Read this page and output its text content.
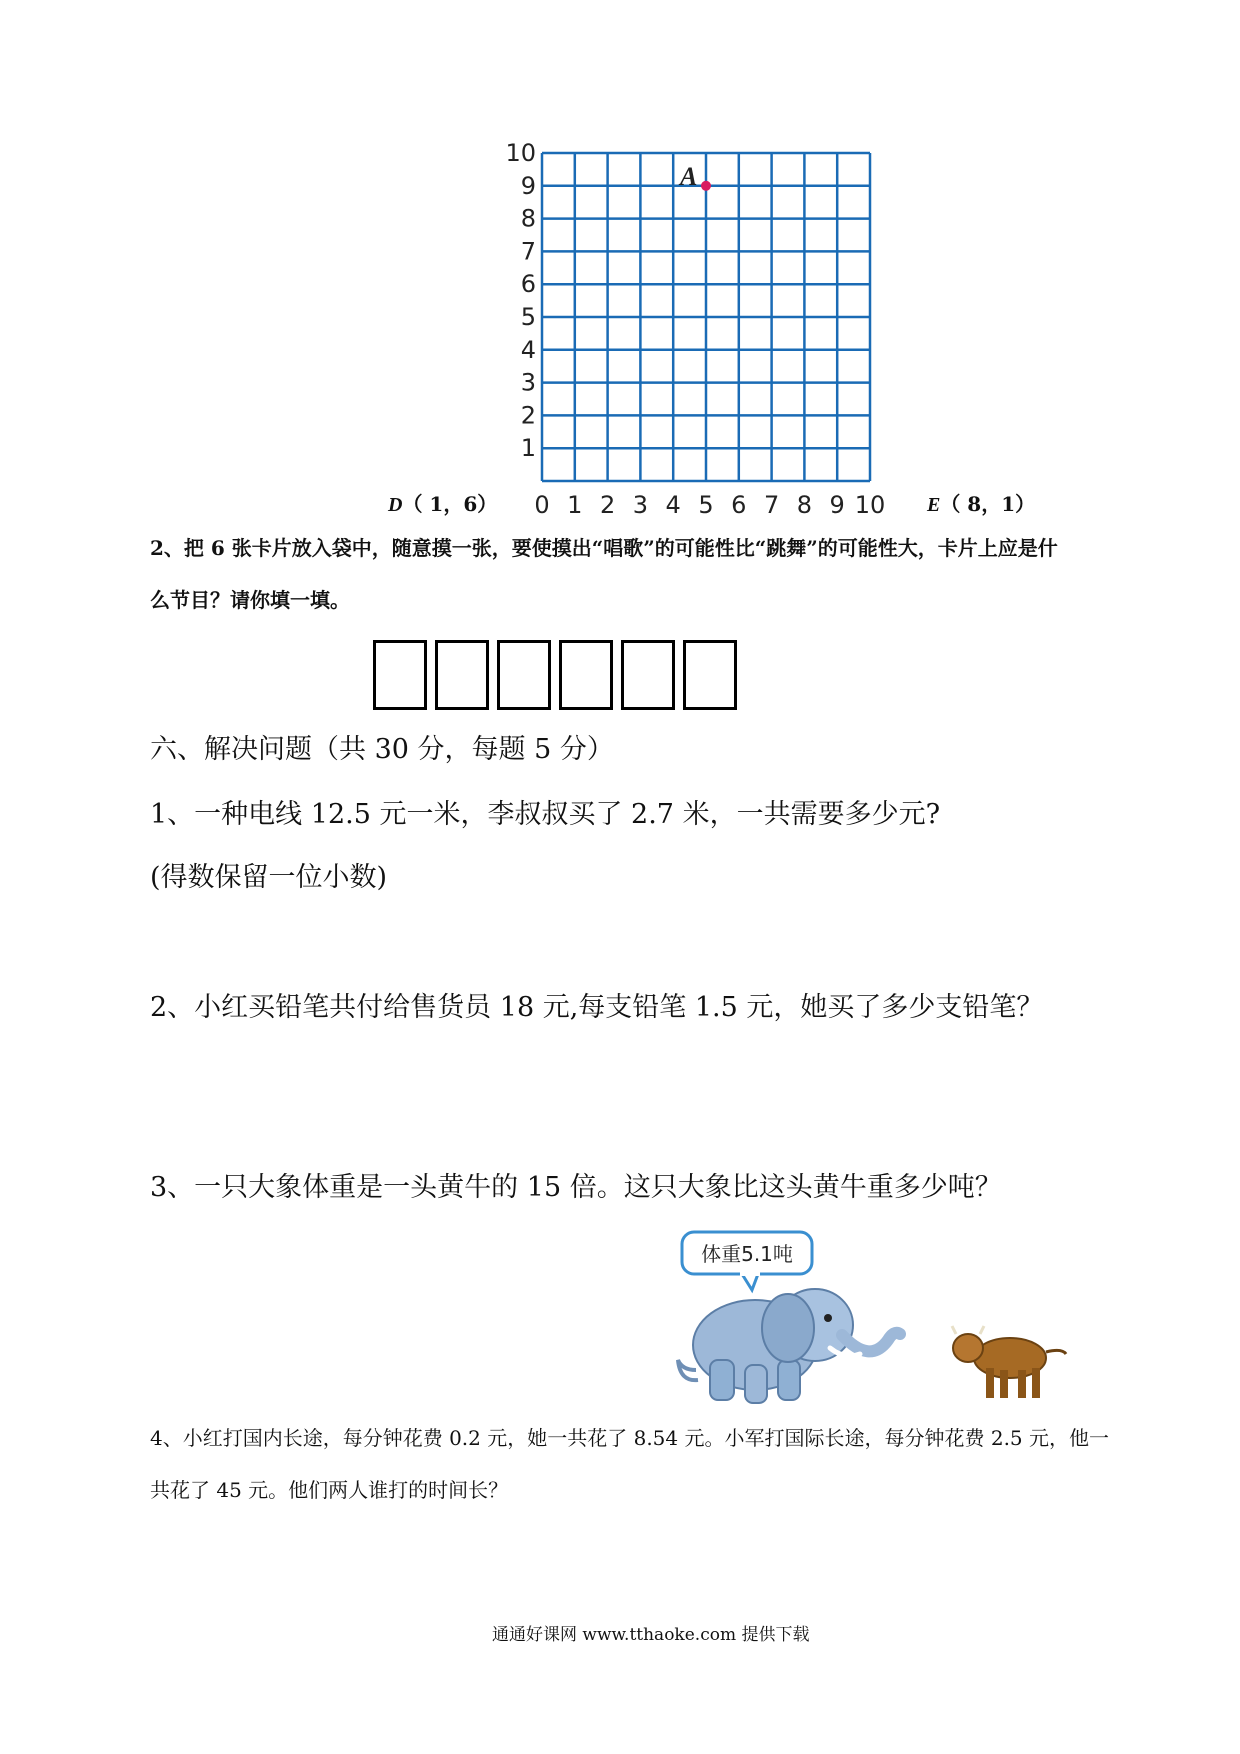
10
9
8
7
6
5
4
3
2
1
0 1 2 3 4 5 6 7 8 9 10
A
D（ 1，6）	E（ 8，1）
2、把 6 张卡片放入袋中，随意摸一张，要使摸出“唱歌”的可能性比“跳舞”的可能性大，卡片上应是什
么节目？请你填一填。
六、解决问题（共 30 分，每题 5 分）
1、一种电线 12.5 元一米，李叔叔买了 2.7 米，一共需要多少元?
(得数保留一位小数)
2、小红买铅笔共付给售货员 18 元,每支铅笔 1.5 元，她买了多少支铅笔？
3、一只大象体重是一头黄牛的 15 倍。这只大象比这头黄牛重多少吨？
体重5.1吨
4、小红打国内长途，每分钟花费 0.2 元，她一共花了 8.54 元。小军打国际长途，每分钟花费 2.5 元，他一
共花了 45 元。他们两人谁打的时间长？
通通好课网 www.tthaoke.com 提供下载
